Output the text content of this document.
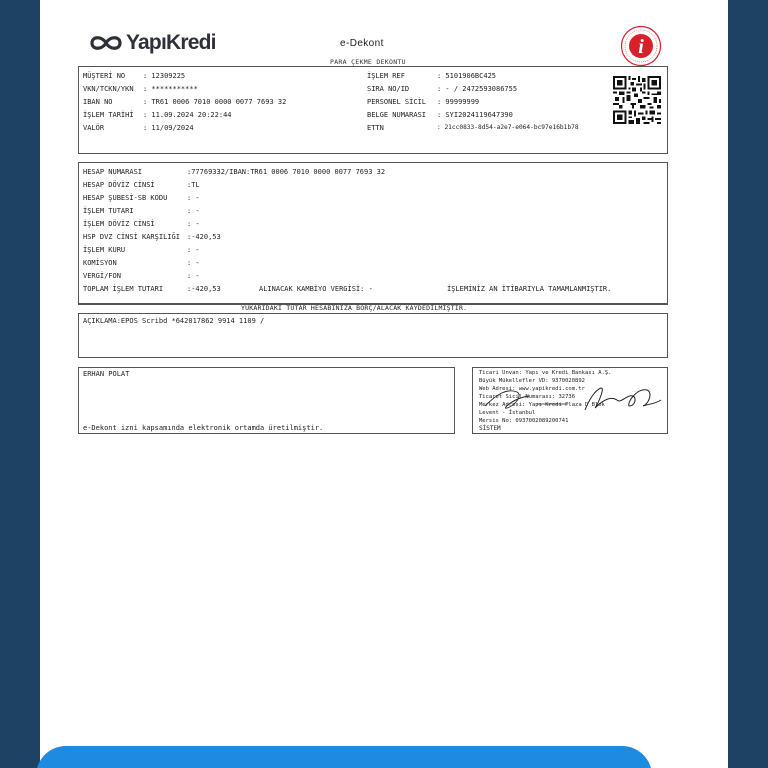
YapıKredi	e-Dekont	i
PARA ÇEKME DEKONTU
MÜŞTERİ NO	: 12309225
VKN/TCKN/YKN : ***********
IBAN NO	: TR61 0006 7010 0000 0077 7693 32
İŞLEM TARİHİ : 11.09.2024 20:22:44
VALÖR	: 11/09/2024
İŞLEM REF	: 5101906BC425
SIRA NO/ID	: - / 2472593086755
PERSONEL SİCİL : 99999999
BELGE NUMARASI : SYI2024119647390
ETTN	: 21cc0833-8d54-a2e7-e064-bc97e16b1b78
HESAP NUMARASI	:77769332/IBAN:TR61 0006 7010 0000 0077 7693 32
HESAP DÖVİZ CİNSİ	:TL
HESAP ŞUBESİ-SB KODU	: -
İŞLEM TUTARI	: -
İŞLEM DÖVİZ CİNSİ	: -
HSP DVZ CİNSİ KARŞILIĞI :-420,53
İŞLEM KURU	: -
KOMİSYON	: -
VERGİ/FON	: -
TOPLAM İŞLEM TUTARI	:-420,53	ALINACAK KAMBİYO VERGİSİ: -	İŞLEMİNİZ AN İTİBARIYLA TAMAMLANMIŞTIR.
YUKARIDAKİ TUTAR HESABINIZA BORÇ/ALACAK KAYDEDİLMİŞTİR.
AÇIKLAMA:EPOS Scribd *642017862 9914 1109 /
ERHAN POLAT
e-Dekont izni kapsamında elektronik ortamda üretilmiştir.
Ticari Unvan: Yapı ve Kredi Bankası A.Ş.
Büyük Mükellefler VD: 9370020892
Web Adresi: www.yapikredi.com.tr
Ticaret Sicil Numarası: 32736
Merkez Adresi: Yapı Kredi Plaza D Blok
Levent - İstanbul
Mersis No: 0937002089200741
SİSTEM
